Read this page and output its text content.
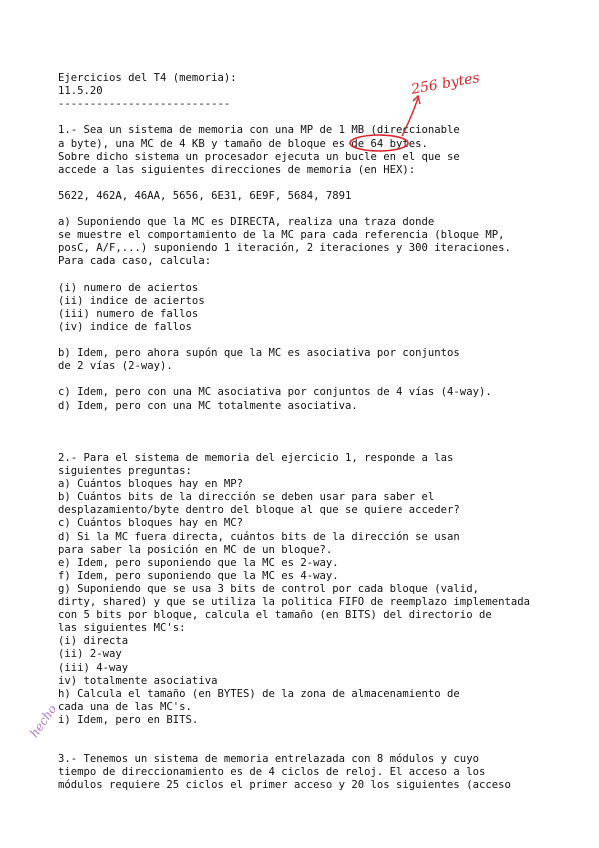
Ejercicios del T4 (memoria):
11.5.20
---------------------------
1.- Sea un sistema de memoria con una MP de 1 MB (direccionable
a byte), una MC de 4 KB y tamaño de bloque es de 64 bytes.
Sobre dicho sistema un procesador ejecuta un bucle en el que se
accede a las siguientes direcciones de memoria (en HEX):
5622, 462A, 46AA, 5656, 6E31, 6E9F, 5684, 7891
a) Suponiendo que la MC es DIRECTA, realiza una traza donde
se muestre el comportamiento de la MC para cada referencia (bloque MP,
posC, A/F,...) suponiendo 1 iteración, 2 iteraciones y 300 iteraciones.
Para cada caso, calcula:
(i) numero de aciertos
(ii) indice de aciertos
(iii) numero de fallos
(iv) indice de fallos
b) Idem, pero ahora supón que la MC es asociativa por conjuntos
de 2 vías (2-way).
c) Idem, pero con una MC asociativa por conjuntos de 4 vías (4-way).
d) Idem, pero con una MC totalmente asociativa.
2.- Para el sistema de memoria del ejercicio 1, responde a las
siguientes preguntas:
a) Cuántos bloques hay en MP?
b) Cuántos bits de la dirección se deben usar para saber el
desplazamiento/byte dentro del bloque al que se quiere acceder?
c) Cuántos bloques hay en MC?
d) Si la MC fuera directa, cuántos bits de la dirección se usan
para saber la posición en MC de un bloque?.
e) Idem, pero suponiendo que la MC es 2-way.
f) Idem, pero suponiendo que la MC es 4-way.
g) Suponiendo que se usa 3 bits de control por cada bloque (valid,
dirty, shared) y que se utiliza la politica FIFO de reemplazo implementada
con 5 bits por bloque, calcula el tamaño (en BITS) del directorio de
las siguientes MC's:
(i) directa
(ii) 2-way
(iii) 4-way
iv) totalmente asociativa
h) Calcula el tamaño (en BYTES) de la zona de almacenamiento de
cada una de las MC's.
i) Idem, pero en BITS.
3.- Tenemos un sistema de memoria entrelazada con 8 módulos y cuyo
tiempo de direccionamiento es de 4 ciclos de reloj. El acceso a los
módulos requiere 25 ciclos el primer acceso y 20 los siguientes (acceso
256 bytes
hecho
